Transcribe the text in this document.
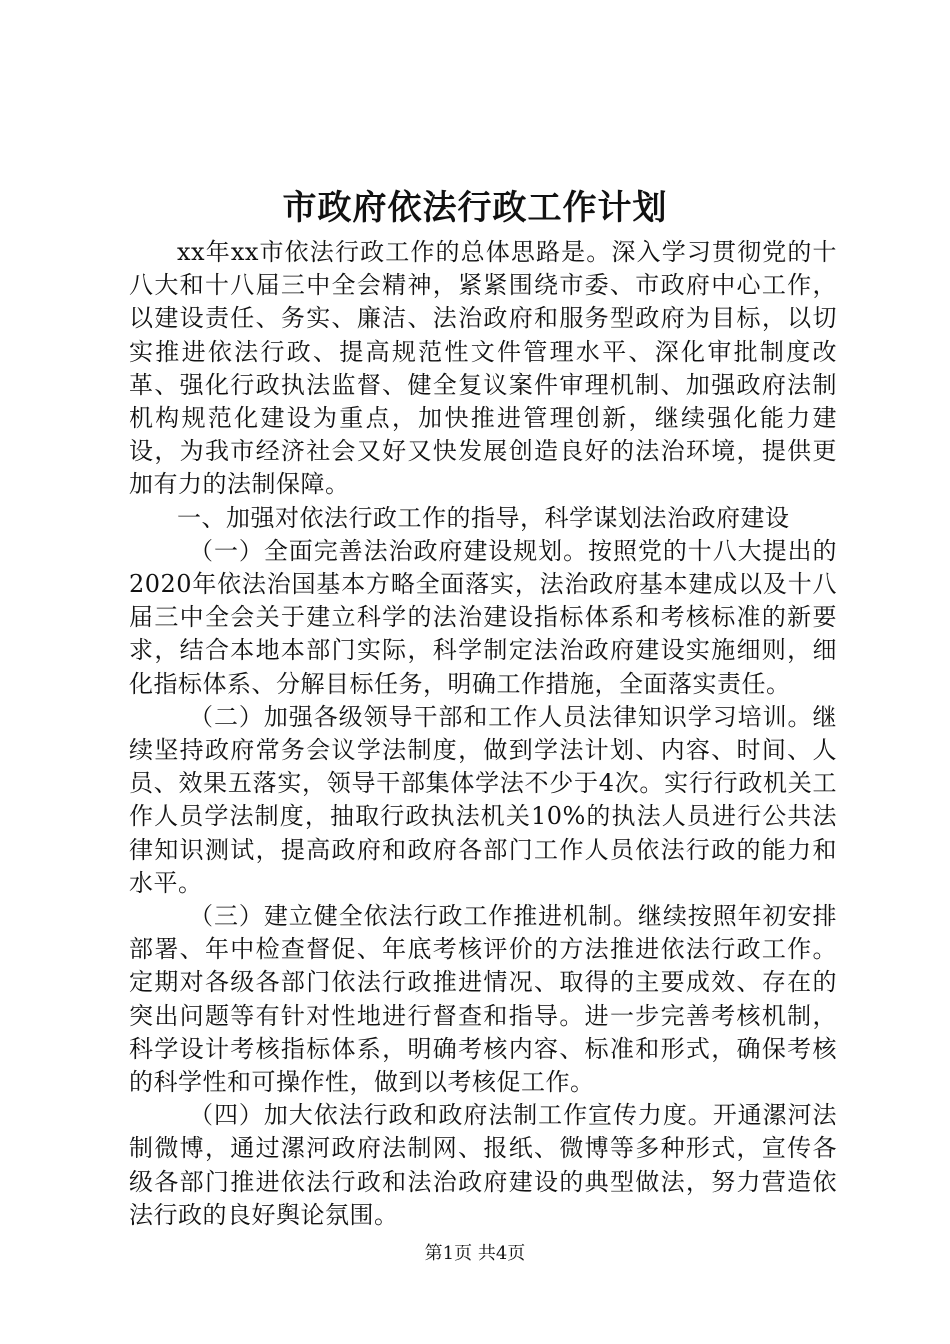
市政府依法行政工作计划

xx年xx市依法行政工作的总体思路是。深入学习贯彻党的十八大和十八届三中全会精神，紧紧围绕市委、市政府中心工作，以建设责任、务实、廉洁、法治政府和服务型政府为目标，以切实推进依法行政、提高规范性文件管理水平、深化审批制度改革、强化行政执法监督、健全复议案件审理机制、加强政府法制机构规范化建设为重点，加快推进管理创新，继续强化能力建设，为我市经济社会又好又快发展创造良好的法治环境，提供更加有力的法制保障。

一、加强对依法行政工作的指导，科学谋划法治政府建设

（一）全面完善法治政府建设规划。按照党的十八大提出的2020年依法治国基本方略全面落实，法治政府基本建成以及十八届三中全会关于建立科学的法治建设指标体系和考核标准的新要求，结合本地本部门实际，科学制定法治政府建设实施细则，细化指标体系、分解目标任务，明确工作措施，全面落实责任。

（二）加强各级领导干部和工作人员法律知识学习培训。继续坚持政府常务会议学法制度，做到学法计划、内容、时间、人员、效果五落实，领导干部集体学法不少于4次。实行行政机关工作人员学法制度，抽取行政执法机关10%的执法人员进行公共法律知识测试，提高政府和政府各部门工作人员依法行政的能力和水平。

（三）建立健全依法行政工作推进机制。继续按照年初安排部署、年中检查督促、年底考核评价的方法推进依法行政工作。定期对各级各部门依法行政推进情况、取得的主要成效、存在的突出问题等有针对性地进行督查和指导。进一步完善考核机制，科学设计考核指标体系，明确考核内容、标准和形式，确保考核的科学性和可操作性，做到以考核促工作。

（四）加大依法行政和政府法制工作宣传力度。开通漯河法制微博，通过漯河政府法制网、报纸、微博等多种形式，宣传各级各部门推进依法行政和法治政府建设的典型做法，努力营造依法行政的良好舆论氛围。

第1页 共4页
